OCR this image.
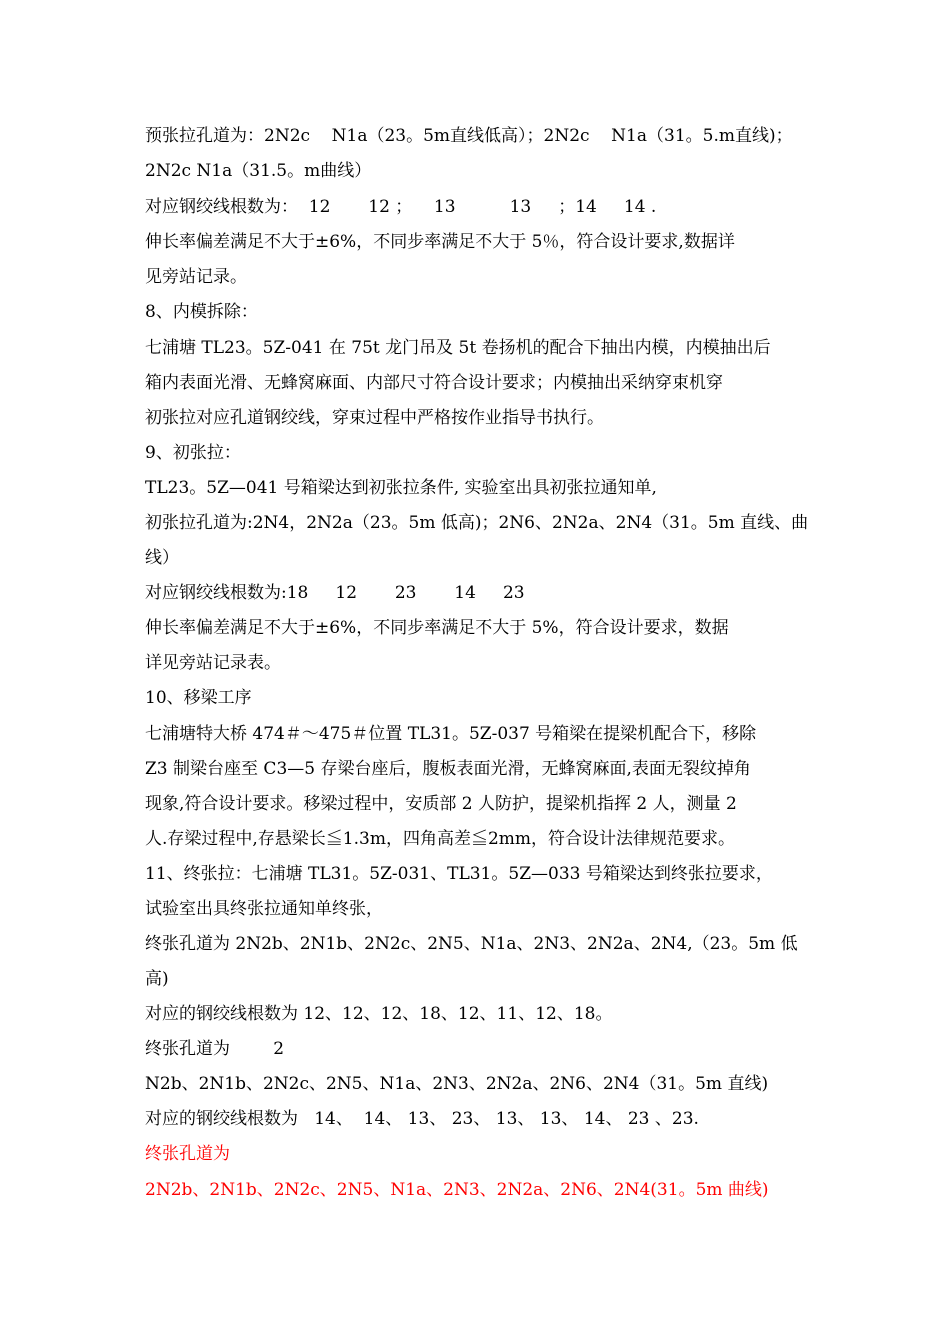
预张拉孔道为：2N2c    N1a（23。5m直线低高）；2N2c    N1a（31。5.m直线)；
2N2c N1a（31.5。m曲线）
对应钢绞线根数为：  12       12 ；    13          13     ；14     14 .
伸长率偏差满足不大于±6%，不同步率满足不大于 5％，符合设计要求,数据详
见旁站记录。
8、内模拆除：
七浦塘 TL23。5Z-041 在 75t 龙门吊及 5t 卷扬机的配合下抽出内模，内模抽出后
箱内表面光滑、无蜂窝麻面、内部尺寸符合设计要求；内模抽出采纳穿束机穿
初张拉对应孔道钢绞线，穿束过程中严格按作业指导书执行。
9、初张拉：
TL23。5Z—041 号箱梁达到初张拉条件, 实验室出具初张拉通知单,
初张拉孔道为:2N4，2N2a（23。5m 低高)；2N6、2N2a、2N4（31。5m 直线、曲
线）
对应钢绞线根数为:18     12       23       14     23
伸长率偏差满足不大于±6%，不同步率满足不大于 5%，符合设计要求，数据
详见旁站记录表。
10、移梁工序
七浦塘特大桥 474＃～475＃位置 TL31。5Z-037 号箱梁在提梁机配合下，移除
Z3 制梁台座至 C3—5 存梁台座后，腹板表面光滑，无蜂窝麻面,表面无裂纹掉角
现象,符合设计要求。移梁过程中，安质部 2 人防护，提梁机指挥 2 人，测量 2
人.存梁过程中,存悬梁长≦1.3m，四角高差≦2mm，符合设计法律规范要求。
11、终张拉：七浦塘 TL31。5Z-031、TL31。5Z—033 号箱梁达到终张拉要求，
试验室出具终张拉通知单终张，
终张孔道为 2N2b、2N1b、2N2c、2N5、N1a、2N3、2N2a、2N4,（23。5m 低
高)
对应的钢绞线根数为 12、12、12、18、12、11、12、18。
终张孔道为        2
N2b、2N1b、2N2c、2N5、N1a、2N3、2N2a、2N6、2N4（31。5m 直线)
对应的钢绞线根数为   14、  14、 13、 23、 13、 13、 14、 23 、23.
终张孔道为
2N2b、2N1b、2N2c、2N5、N1a、2N3、2N2a、2N6、2N4(31。5m 曲线)
